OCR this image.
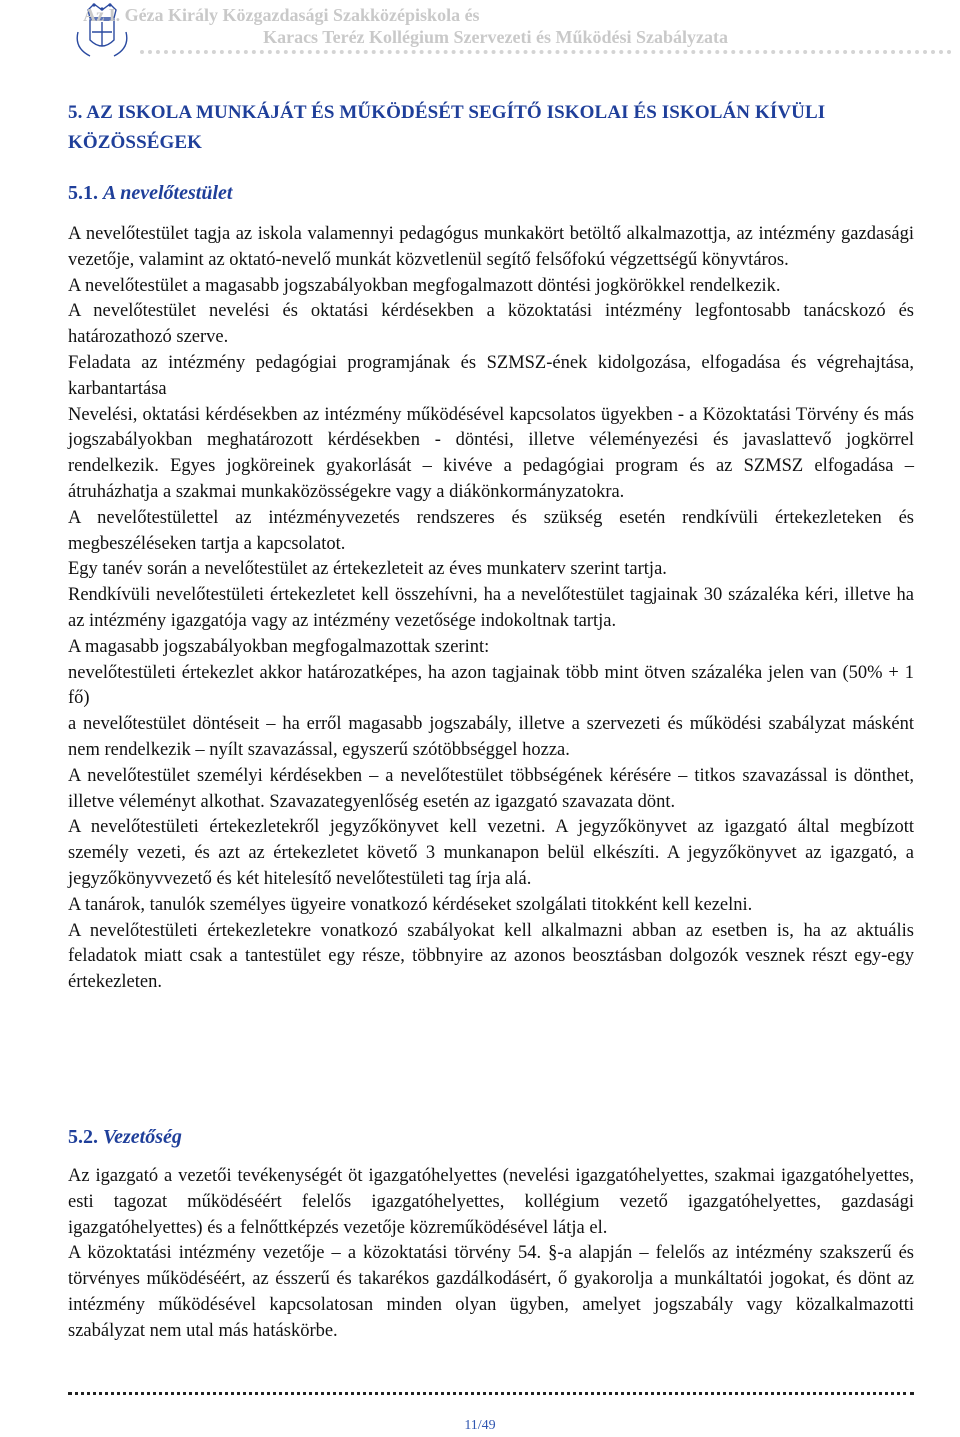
Az I. Géza Király Közgazdasági Szakközépiskola és
Karacs Teréz Kollégium Szervezeti és Működési Szabályzata
5. AZ ISKOLA MUNKÁJÁT ÉS MŰKÖDÉSÉT SEGÍTŐ ISKOLAI ÉS ISKOLÁN KÍVÜLI
KÖZÖSSÉGEK
5.1. A nevelőtestület

A nevelőtestület tagja az iskola valamennyi pedagógus munkakört betöltő alkalmazottja, az intézmény gazdasági vezetője, valamint az oktató-nevelő munkát közvetlenül segítő felsőfokú végzettségű könyvtáros.

A nevelőtestület a magasabb jogszabályokban megfogalmazott döntési jogkörökkel rendelkezik.

A nevelőtestület nevelési és oktatási kérdésekben a közoktatási intézmény legfontosabb tanácskozó és határozathozó szerve.

Feladata az intézmény pedagógiai programjának és SZMSZ-ének kidolgozása, elfogadása és végrehajtása, karbantartása

Nevelési, oktatási kérdésekben az intézmény működésével kapcsolatos ügyekben - a Közoktatási Törvény és más jogszabályokban meghatározott kérdésekben - döntési, illetve véleményezési és javaslattevő jogkörrel rendelkezik. Egyes jogköreinek gyakorlását – kivéve a pedagógiai program és az SZMSZ elfogadása – átruházhatja a szakmai munkaközösségekre vagy a diákönkormányzatokra.

A nevelőtestülettel az intézményvezetés rendszeres és szükség esetén rendkívüli értekezleteken és megbeszéléseken tartja a kapcsolatot.

Egy tanév során a nevelőtestület az értekezleteit az éves munkaterv szerint tartja.

Rendkívüli nevelőtestületi értekezletet kell összehívni, ha a nevelőtestület tagjainak 30 százaléka kéri, illetve ha az intézmény igazgatója vagy az intézmény vezetősége indokoltnak tartja.

A magasabb jogszabályokban megfogalmazottak szerint:

nevelőtestületi értekezlet akkor határozatképes, ha azon tagjainak több mint ötven százaléka jelen van (50% + 1 fő)

a nevelőtestület döntéseit – ha erről magasabb jogszabály, illetve a szervezeti és működési szabályzat másként nem rendelkezik – nyílt szavazással, egyszerű szótöbbséggel hozza.

A nevelőtestület személyi kérdésekben – a nevelőtestület többségének kérésére – titkos szavazással is dönthet, illetve véleményt alkothat. Szavazategyenlőség esetén az igazgató szavazata dönt.

A nevelőtestületi értekezletekről jegyzőkönyvet kell vezetni. A jegyzőkönyvet az igazgató által megbízott személy vezeti, és azt az értekezletet követő 3 munkanapon belül elkészíti. A jegyzőkönyvet az igazgató, a jegyzőkönyvvezető és két hitelesítő nevelőtestületi tag írja alá.

A tanárok, tanulók személyes ügyeire vonatkozó kérdéseket szolgálati titokként kell kezelni.

A nevelőtestületi értekezletekre vonatkozó szabályokat kell alkalmazni abban az esetben is, ha az aktuális feladatok miatt csak a tantestület egy része, többnyire az azonos beosztásban dolgozók vesznek részt egy-egy értekezleten.

5.2. Vezetőség

Az igazgató a vezetői tevékenységét öt igazgatóhelyettes (nevelési igazgatóhelyettes, szakmai igazgatóhelyettes, esti tagozat működéséért felelős igazgatóhelyettes, kollégium vezető igazgatóhelyettes, gazdasági igazgatóhelyettes) és a felnőttképzés vezetője közreműködésével látja el.

A közoktatási intézmény vezetője – a közoktatási törvény 54. §-a alapján – felelős az intézmény szakszerű és törvényes működéséért, az ésszerű és takarékos gazdálkodásért, ő gyakorolja a munkáltatói jogokat, és dönt az intézmény működésével kapcsolatosan minden olyan ügyben, amelyet jogszabály vagy közalkalmazotti szabályzat nem utal más hatáskörbe.

11/49
